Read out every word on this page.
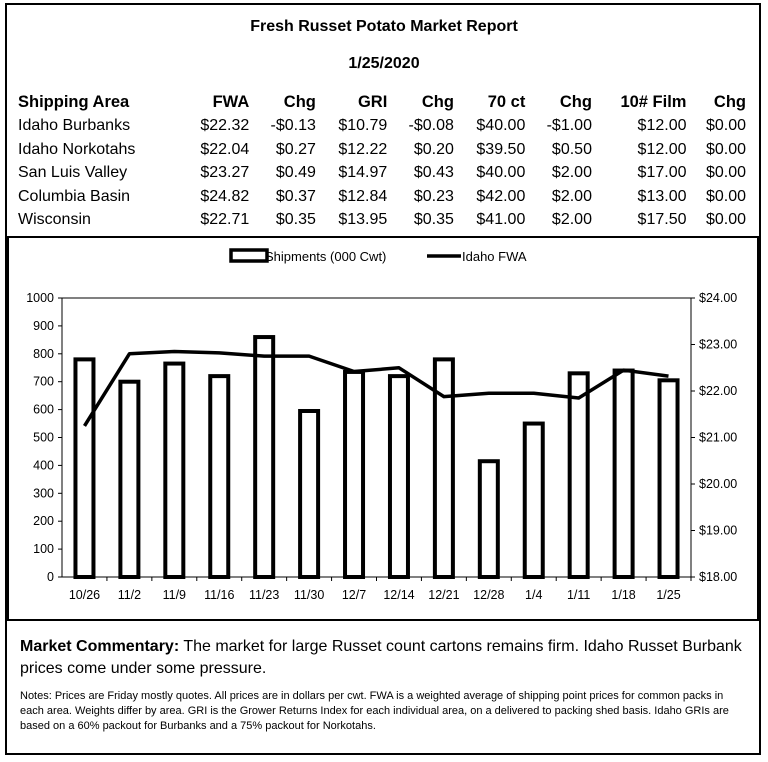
Fresh Russet Potato Market Report
1/25/2020
Shipping Area	FWA	Chg	GRI	Chg	70 ct	Chg	10# Film	Chg
Idaho Burbanks	$22.32	-$0.13	$10.79	-$0.08	$40.00	-$1.00	$12.00	$0.00
Idaho Norkotahs	$22.04	$0.27	$12.22	$0.20	$39.50	$0.50	$12.00	$0.00
San Luis Valley	$23.27	$0.49	$14.97	$0.43	$40.00	$2.00	$17.00	$0.00
Columbia Basin	$24.82	$0.37	$12.84	$0.23	$42.00	$2.00	$13.00	$0.00
Wisconsin	$22.71	$0.35	$13.95	$0.35	$41.00	$2.00	$17.50	$0.00
0
100
200
300
400
500
600
700
800
900
1000
$18.00
$19.00
$20.00
$21.00
$22.00
$23.00
$24.00
10/26 11/2 11/9 11/16 11/23 11/30 12/7 12/14 12/21 12/28 1/4 1/11 1/18 1/25
Shipments (000 Cwt)	Idaho FWA
Market Commentary: The market for large Russet count cartons remains firm. Idaho Russet Burbank prices come under some pressure.
Notes: Prices are Friday mostly quotes. All prices are in dollars per cwt. FWA is a weighted average of shipping point prices for common packs in each area. Weights differ by area. GRI is the Grower Returns Index for each individual area, on a delivered to packing shed basis. Idaho GRIs are based on a 60% packout for Burbanks and a 75% packout for Norkotahs.
